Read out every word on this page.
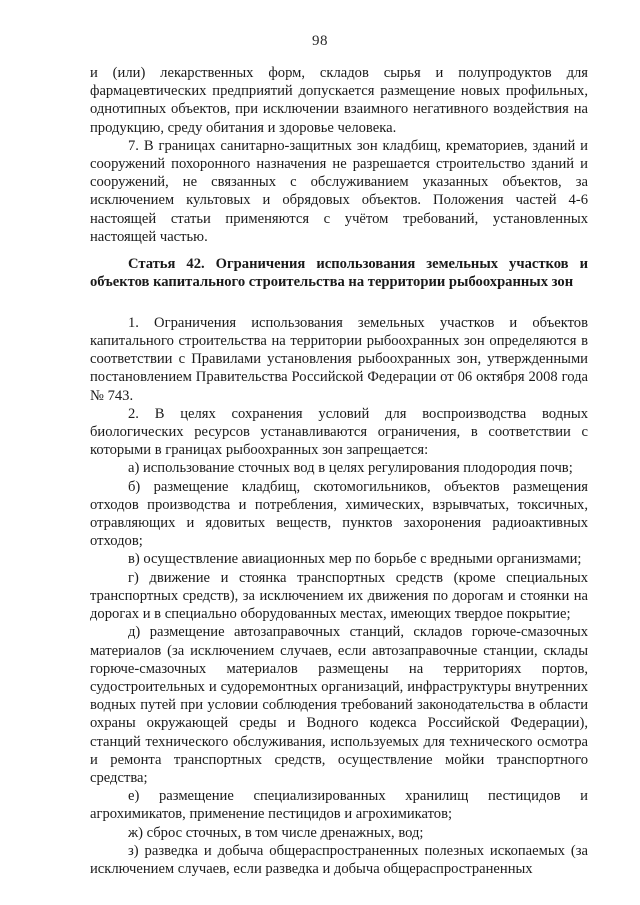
98

и (или) лекарственных форм, складов сырья и полупродуктов для фармацевтических предприятий допускается размещение новых профильных, однотипных объектов, при исключении взаимного негативного воздействия на продукцию, среду обитания и здоровье человека.

7. В границах санитарно-защитных зон кладбищ, крематориев, зданий и сооружений похоронного назначения не разрешается строительство зданий и сооружений, не связанных с обслуживанием указанных объектов, за исключением культовых и обрядовых объектов. Положения частей 4-6 настоящей статьи применяются с учётом требований, установленных настоящей частью.

Статья 42. Ограничения использования земельных участков и объектов капитального строительства на территории рыбоохранных зон

1. Ограничения использования земельных участков и объектов капитального строительства на территории рыбоохранных зон определяются в соответствии с Правилами установления рыбоохранных зон, утвержденными постановлением Правительства Российской Федерации от 06 октября 2008 года № 743.

2. В целях сохранения условий для воспроизводства водных биологических ресурсов устанавливаются ограничения, в соответствии с которыми в границах рыбоохранных зон запрещается:

а) использование сточных вод в целях регулирования плодородия почв;

б) размещение кладбищ, скотомогильников, объектов размещения отходов производства и потребления, химических, взрывчатых, токсичных, отравляющих и ядовитых веществ, пунктов захоронения радиоактивных отходов;

в) осуществление авиационных мер по борьбе с вредными организмами;

г) движение и стоянка транспортных средств (кроме специальных транспортных средств), за исключением их движения по дорогам и стоянки на дорогах и в специально оборудованных местах, имеющих твердое покрытие;

д) размещение автозаправочных станций, складов горюче-смазочных материалов (за исключением случаев, если автозаправочные станции, склады горюче-смазочных материалов размещены на территориях портов, судостроительных и судоремонтных организаций, инфраструктуры внутренних водных путей при условии соблюдения требований законодательства в области охраны окружающей среды и Водного кодекса Российской Федерации), станций технического обслуживания, используемых для технического осмотра и ремонта транспортных средств, осуществление мойки транспортного средства;

е) размещение специализированных хранилищ пестицидов и агрохимикатов, применение пестицидов и агрохимикатов;

ж) сброс сточных, в том числе дренажных, вод;

з) разведка и добыча общераспространенных полезных ископаемых (за исключением случаев, если разведка и добыча общераспространенных
